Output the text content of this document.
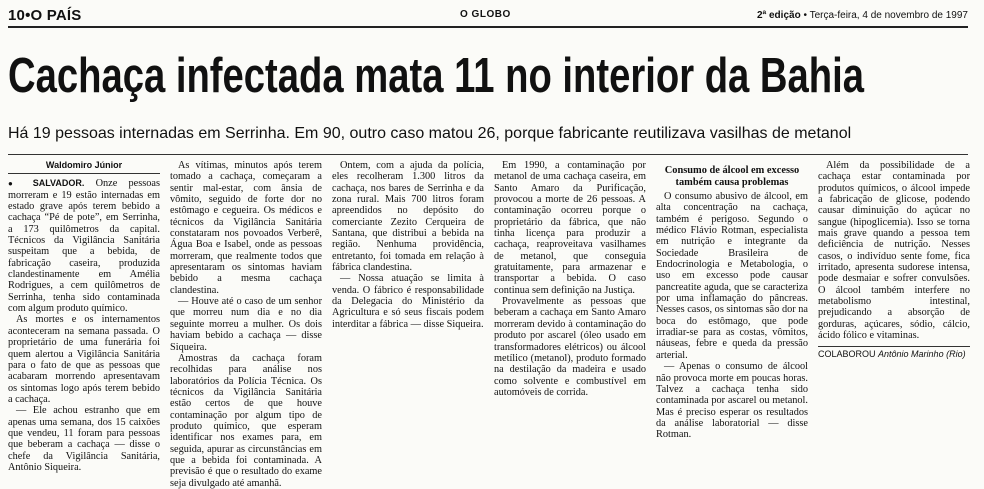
10•O PAÍS	O GLOBO	2ª edição • Terça-feira, 4 de novembro de 1997
Cachaça infectada mata 11 no interior da Bahia

Há 19 pessoas internadas em Serrinha. Em 90, outro caso matou 26, porque fabricante reutilizava vasilhas de metanol

Waldomiro Júnior

● SALVADOR. Onze pessoas morreram e 19 estão internadas em estado grave após terem bebido a cachaça “Pé de pote”, em Serrinha, a 173 quilômetros da capital. Técnicos da Vigilância Sanitária suspeitam que a bebida, de fabricação caseira, produzida clandestinamente em Amélia Rodrigues, a cem quilômetros de Serrinha, tenha sido contaminada com algum produto químico.

As mortes e os internamentos aconteceram na semana passada. O proprietário de uma funerária foi quem alertou a Vigilância Sanitária para o fato de que as pessoas que acabaram morrendo apresentavam os sintomas logo após terem bebido a cachaça.

— Ele achou estranho que em apenas uma semana, dos 15 caixões que vendeu, 11 foram para pessoas que beberam a cachaça — disse o chefe da Vigilância Sanitária, Antônio Siqueira.

As vítimas, minutos após terem tomado a cachaça, começaram a sentir mal-estar, com ânsia de vômito, seguido de forte dor no estômago e cegueira. Os médicos e técnicos da Vigilância Sanitária constataram nos povoados Verberê, Água Boa e Isabel, onde as pessoas morreram, que realmente todos que apresentaram os sintomas haviam bebido a mesma cachaça clandestina.

— Houve até o caso de um senhor que morreu num dia e no dia seguinte morreu a mulher. Os dois haviam bebido a cachaça — disse Siqueira.

Amostras da cachaça foram recolhidas para análise nos laboratórios da Polícia Técnica. Os técnicos da Vigilância Sanitária estão certos de que houve contaminação por algum tipo de produto químico, que esperam identificar nos exames para, em seguida, apurar as circunstâncias em que a bebida foi contaminada. A previsão é que o resultado do exame seja divulgado até amanhã.

Ontem, com a ajuda da polícia, eles recolheram 1.300 litros da cachaça, nos bares de Serrinha e da zona rural. Mais 700 litros foram apreendidos no depósito do comerciante Zezito Cerqueira de Santana, que distribui a bebida na região. Nenhuma providência, entretanto, foi tomada em relação à fábrica clandestina.

— Nossa atuação se limita à venda. O fábrico é responsabilidade da Delegacia do Ministério da Agricultura e só seus fiscais podem interditar a fábrica — disse Siqueira.

Em 1990, a contaminação por metanol de uma cachaça caseira, em Santo Amaro da Purificação, provocou a morte de 26 pessoas. A contaminação ocorreu porque o proprietário da fábrica, que não tinha licença para produzir a cachaça, reaproveitava vasilhames de metanol, que conseguia gratuitamente, para armazenar e transportar a bebida. O caso continua sem definição na Justiça.

Provavelmente as pessoas que beberam a cachaça em Santo Amaro morreram devido à contaminação do produto por ascarel (óleo usado em transformadores elétricos) ou álcool metílico (metanol), produto formado na destilação da madeira e usado como solvente e combustível em automóveis de corrida.

Consumo de álcool em excesso também causa problemas

O consumo abusivo de álcool, em alta concentração na cachaça, também é perigoso. Segundo o médico Flávio Rotman, especialista em nutrição e integrante da Sociedade Brasileira de Endocrinologia e Metabologia, o uso em excesso pode causar pancreatite aguda, que se caracteriza por uma inflamação do pâncreas. Nesses casos, os sintomas são dor na boca do estômago, que pode irradiar-se para as costas, vômitos, náuseas, febre e queda da pressão arterial.

— Apenas o consumo de álcool não provoca morte em poucas horas. Talvez a cachaça tenha sido contaminada por ascarel ou metanol. Mas é preciso esperar os resultados da análise laboratorial — disse Rotman.

Além da possibilidade de a cachaça estar contaminada por produtos químicos, o álcool impede a fabricação de glicose, podendo causar diminuição do açúcar no sangue (hipoglicemia). Isso se torna mais grave quando a pessoa tem deficiência de nutrição. Nesses casos, o indivíduo sente fome, fica irritado, apresenta sudorese intensa, pode desmaiar e sofrer convulsões. O álcool também interfere no metabolismo intestinal, prejudicando a absorção de gorduras, açúcares, sódio, cálcio, ácido fólico e vitaminas.

COLABOROU Antônio Marinho (Rio)
